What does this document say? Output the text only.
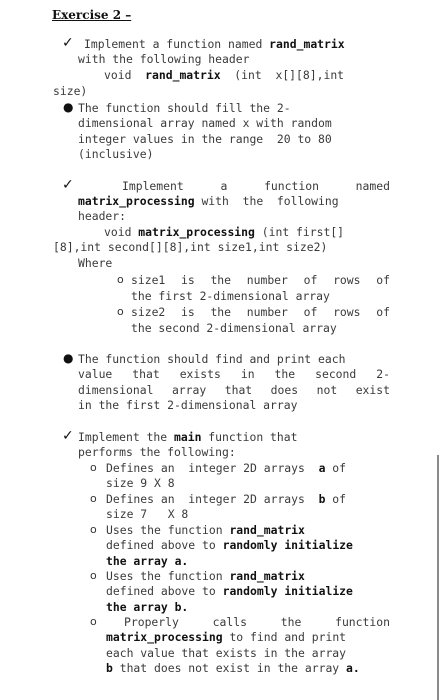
Exercise 2 –
✓ Implement a function named rand_matrix
with the following header
void  rand_matrix  (int  x[][8],int
size)
● The function should fill the 2-
dimensional array named x with random
integer values in the range  20 to 80
(inclusive)
✓	Implement	a	function	named
matrix_processing with  the  following
header:
void matrix_processing (int first[]
[8],int second[][8],int size1,int size2)
Where
o size1 is the number of rows of
the first 2-dimensional array
o size2 is the number of rows of
the second 2-dimensional array
● The function should find and print each
value that exists in the second 2-
dimensional array that does not exist
in the first 2-dimensional array
✓ Implement the main function that
performs the following:
o Defines an  integer 2D arrays  a of
size 9 X 8
o Defines an  integer 2D arrays  b of
size 7   X 8
o Uses the function rand_matrix
defined above to randomly initialize
the array a.
o Uses the function rand_matrix
defined above to randomly initialize
the array b.
o Properly	calls	the	function
matrix_processing to find and print
each value that exists in the array
b that does not exist in the array a.
